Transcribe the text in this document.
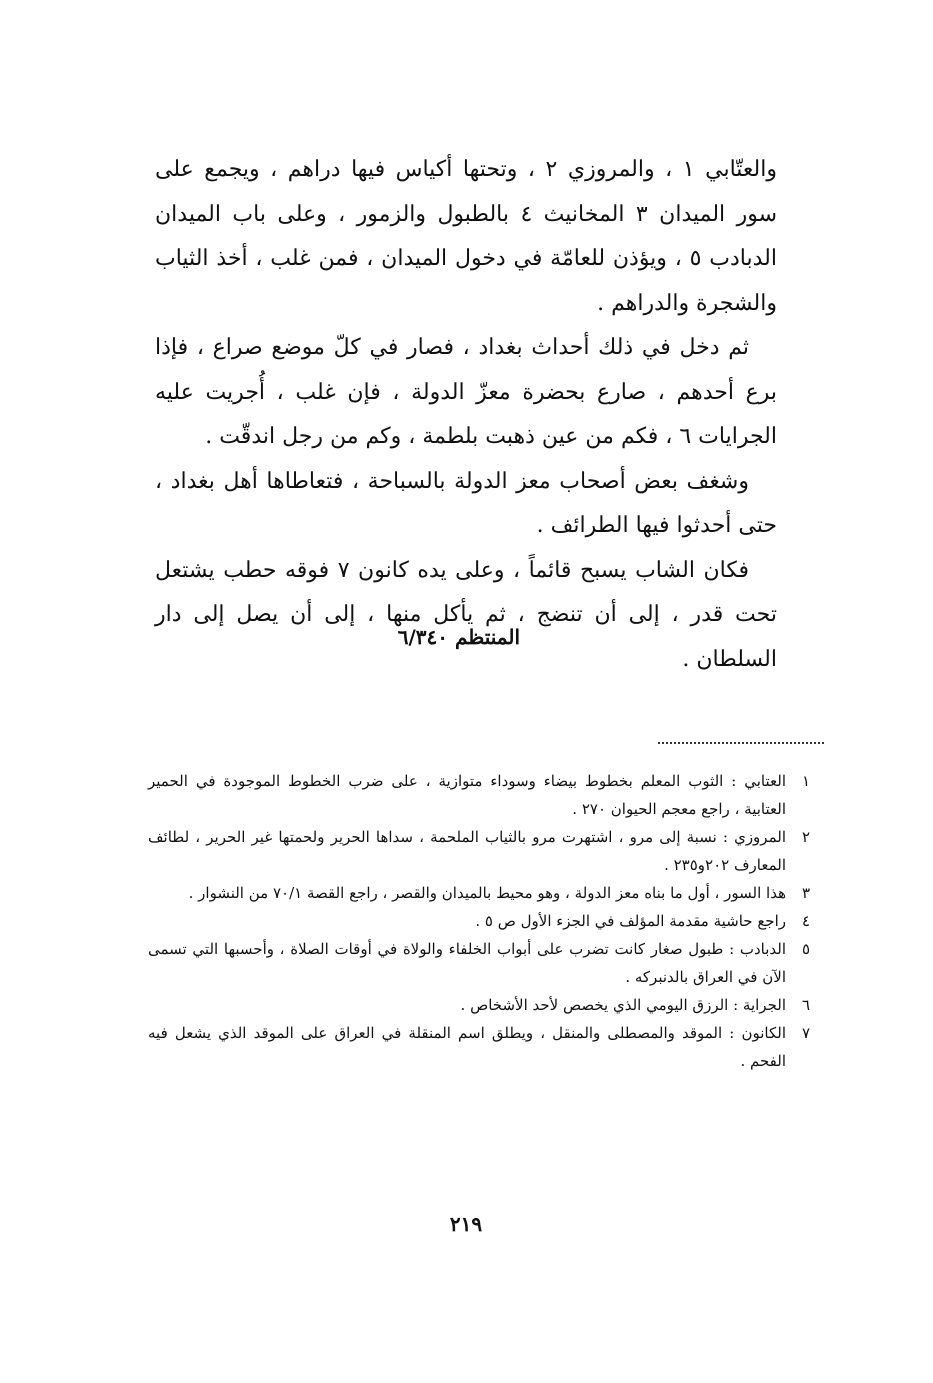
والعتّابي ١ ، والمروزي ٢ ، وتحتها أكياس فيها دراهم ، ويجمع على سور الميدان ٣ المخانيث ٤ بالطبول والزمور ، وعلى باب الميدان الدبادب ٥ ، ويؤذن للعامّة في دخول الميدان ، فمن غلب ، أخذ الثياب والشجرة والدراهم .

ثم دخل في ذلك أحداث بغداد ، فصار في كلّ موضع صراع ، فإذا برع أحدهم ، صارع بحضرة معزّ الدولة ، فإن غلب ، أُجريت عليه الجرايات ٦ ، فكم من عين ذهبت بلطمة ، وكم من رجل اندقّت .

وشغف بعض أصحاب معز الدولة بالسباحة ، فتعاطاها أهل بغداد ، حتى أحدثوا فيها الطرائف .

فكان الشاب يسبح قائماً ، وعلى يده كانون ٧ فوقه حطب يشتعل تحت قدر ، إلى أن تنضج ، ثم يأكل منها ، إلى أن يصل إلى دار السلطان .

المنتظم ٦/٣٤٠
١
العتابي : الثوب المعلم بخطوط بيضاء وسوداء متوازية ، على ضرب الخطوط الموجودة في الحمير العتابية ، راجع معجم الحيوان ٢٧٠ .
٢
المروزي : نسبة إلى مرو ، اشتهرت مرو بالثياب الملحمة ، سداها الحرير ولحمتها غير الحرير ، لطائف المعارف ٢٠٢و٢٣٥ .
٣
هذا السور ، أول ما بناه معز الدولة ، وهو محيط بالميدان والقصر ، راجع القصة ٧٠/١ من النشوار .
٤
راجع حاشية مقدمة المؤلف في الجزء الأول ص ٥ .
٥
الدبادب : طبول صغار كانت تضرب على أبواب الخلفاء والولاة في أوقات الصلاة ، وأحسبها التي تسمى الآن في العراق بالدنبركه .
٦
الجراية : الرزق اليومي الذي يخصص لأحد الأشخاص .
٧
الكانون : الموقد والمصطلى والمنقل ، ويطلق اسم المنقلة في العراق على الموقد الذي يشعل فيه الفحم .
٢١٩
